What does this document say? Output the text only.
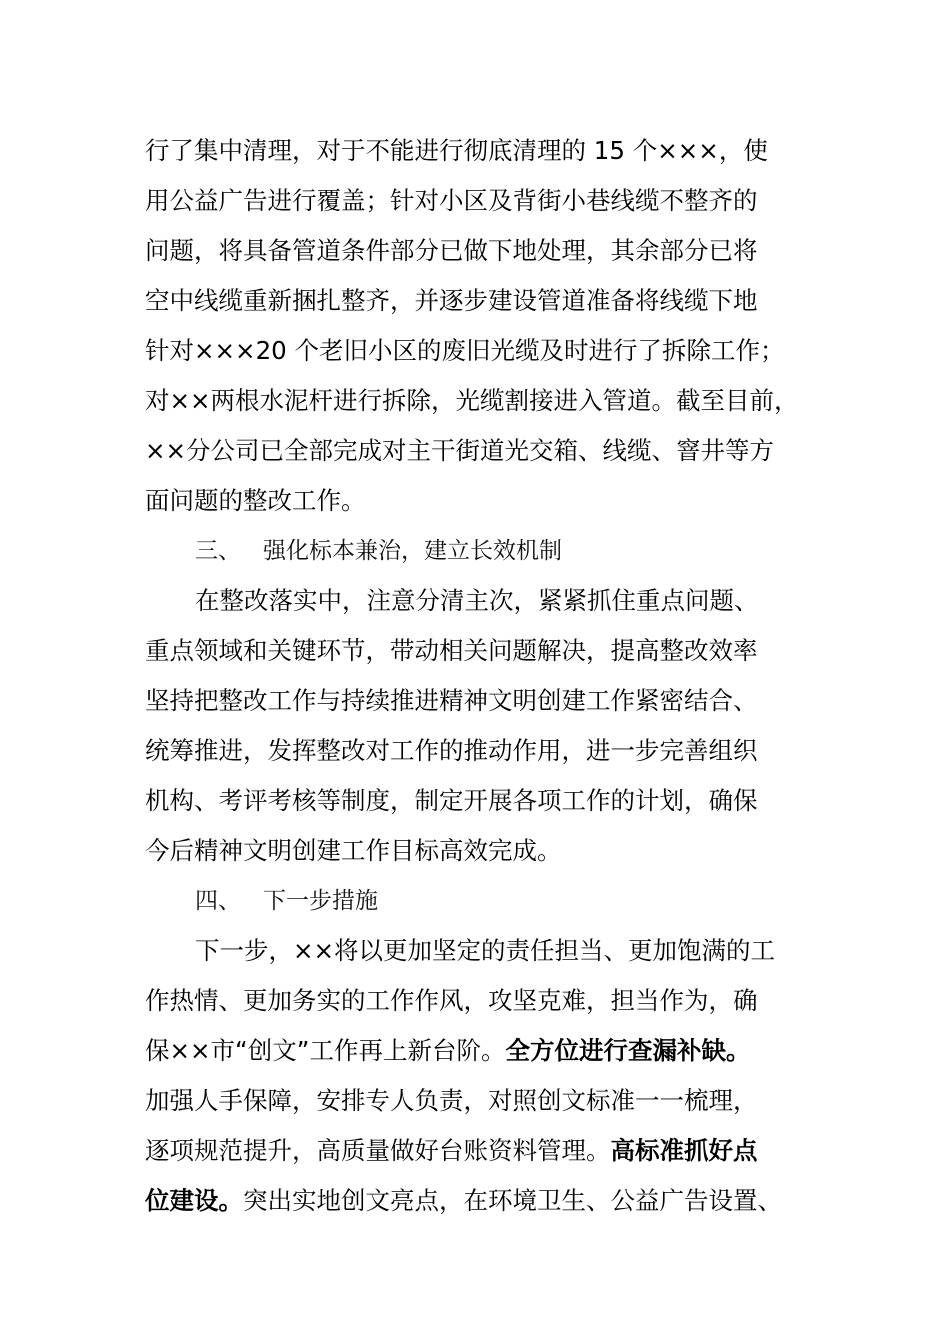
行了集中清理，对于不能进行彻底清理的 15 个×××，使
用公益广告进行覆盖；针对小区及背街小巷线缆不整齐的
问题，将具备管道条件部分已做下地处理，其余部分已将
空中线缆重新捆扎整齐，并逐步建设管道准备将线缆下地
针对×××20 个老旧小区的废旧光缆及时进行了拆除工作；
对××两根水泥杆进行拆除，光缆割接进入管道。截至目前，
××分公司已全部完成对主干街道光交箱、线缆、窨井等方
面问题的整改工作。
三、 强化标本兼治，建立长效机制
在整改落实中，注意分清主次，紧紧抓住重点问题、
重点领域和关键环节，带动相关问题解决，提高整改效率
坚持把整改工作与持续推进精神文明创建工作紧密结合、
统筹推进，发挥整改对工作的推动作用，进一步完善组织
机构、考评考核等制度，制定开展各项工作的计划，确保
今后精神文明创建工作目标高效完成。
四、 下一步措施
下一步，××将以更加坚定的责任担当、更加饱满的工
作热情、更加务实的工作作风，攻坚克难，担当作为，确
保××市“创文”工作再上新台阶。全方位进行查漏补缺。
加强人手保障，安排专人负责，对照创文标准一一梳理，
逐项规范提升，高质量做好台账资料管理。高标准抓好点
位建设。突出实地创文亮点，在环境卫生、公益广告设置、
